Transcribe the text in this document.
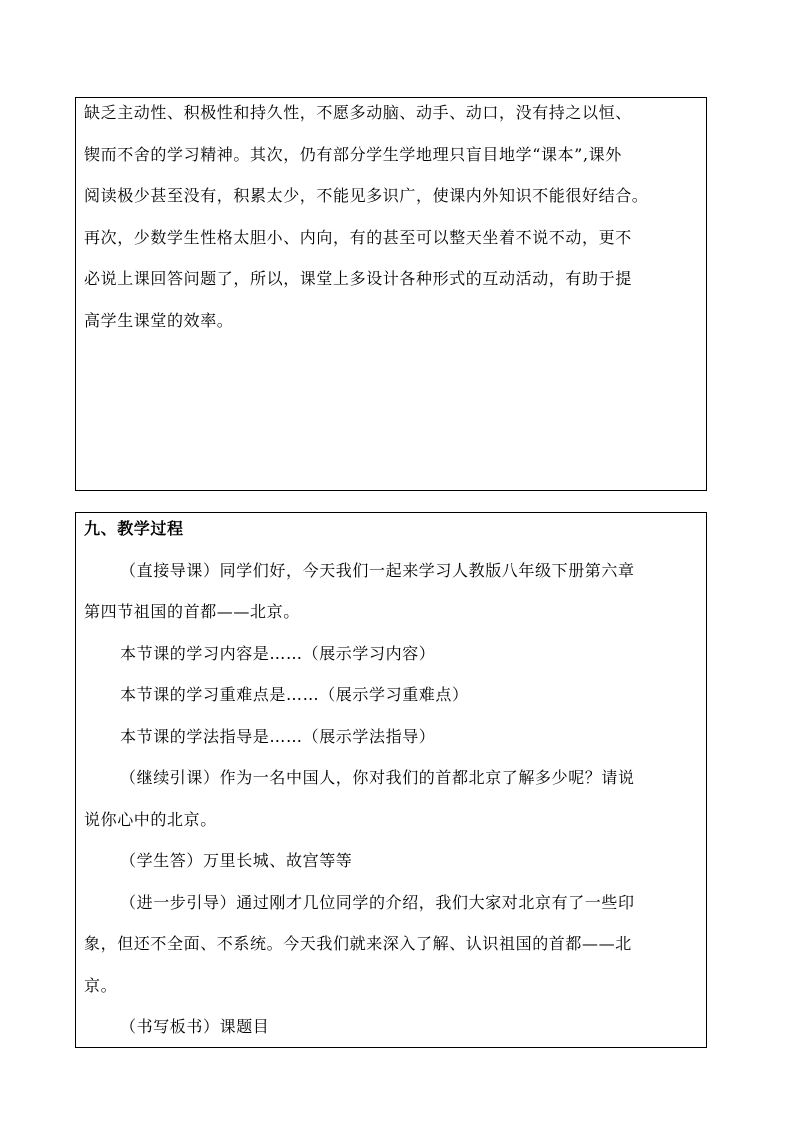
缺乏主动性、积极性和持久性，不愿多动脑、动手、动口，没有持之以恒、
锲而不舍的学习精神。其次，仍有部分学生学地理只盲目地学“课本”,课外
阅读极少甚至没有，积累太少，不能见多识广，使课内外知识不能很好结合。
再次，少数学生性格太胆小、内向，有的甚至可以整天坐着不说不动，更不
必说上课回答问题了，所以，课堂上多设计各种形式的互动活动，有助于提
高学生课堂的效率。
九、教学过程
（直接导课）同学们好，今天我们一起来学习人教版八年级下册第六章
第四节祖国的首都——北京。
本节课的学习内容是……（展示学习内容）
本节课的学习重难点是……（展示学习重难点）
本节课的学法指导是……（展示学法指导）
（继续引课）作为一名中国人，你对我们的首都北京了解多少呢？请说
说你心中的北京。
（学生答）万里长城、故宫等等
（进一步引导）通过刚才几位同学的介绍，我们大家对北京有了一些印
象，但还不全面、不系统。今天我们就来深入了解、认识祖国的首都——北
京。
（书写板书）课题目
